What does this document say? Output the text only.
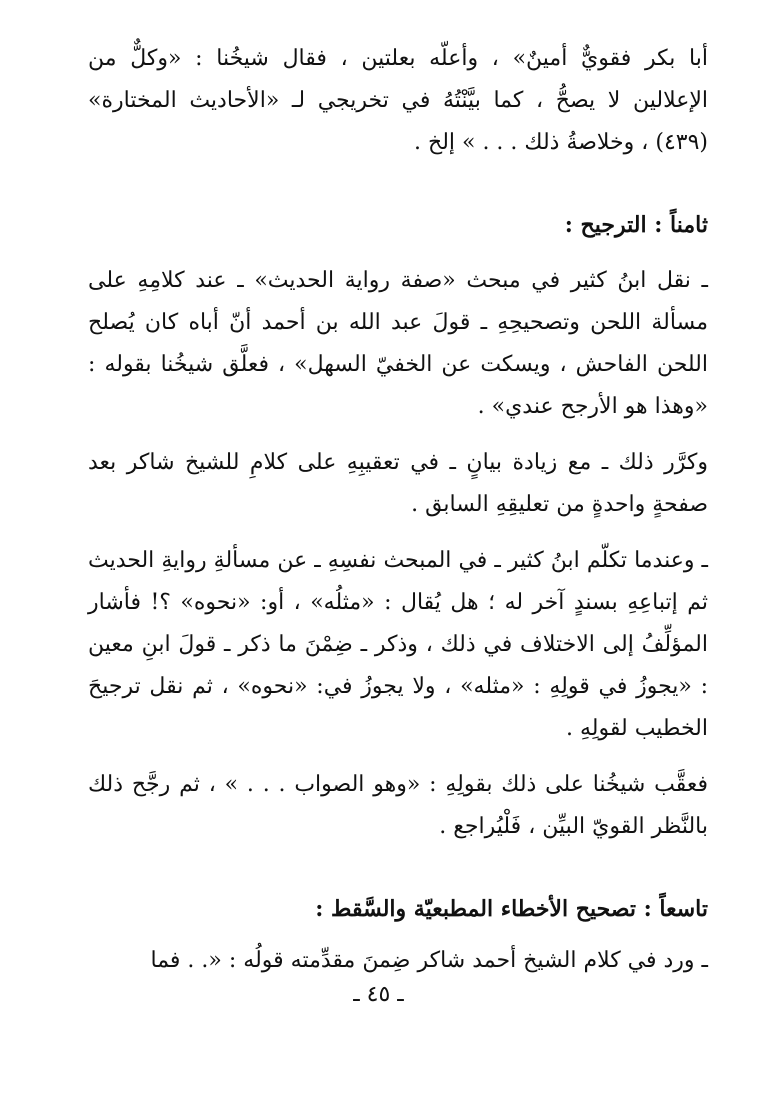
أبا بكر فقويٌّ أمينٌ» ، وأعلّه بعلتين ، فقال شيخُنا : «وكلٌّ من الإعلالين لا يصحُّ ، كما بيَّنْتُهُ في تخريجي لـ «الأحاديث المختارة» (٤٣٩) ، وخلاصةُ ذلك . . . » إلخ .

ثامناً : الترجيح :

ـ نقل ابنُ كثير في مبحث «صفة رواية الحديث» ـ عند كلامِهِ على مسألة اللحن وتصحيحِهِ ـ قولَ عبد الله بن أحمد أنّ أباه كان يُصلح اللحن الفاحش ، ويسكت عن الخفيّ السهل» ، فعلَّق شيخُنا بقوله : «وهذا هو الأرجح عندي» .

وكرَّر ذلك ـ مع زيادة بيانٍ ـ في تعقيبِهِ على كلامِ للشيخ شاكر بعد صفحةٍ واحدةٍ من تعليقِهِ السابق .

ـ وعندما تكلّم ابنُ كثير ـ في المبحث نفسِهِ ـ عن مسألةِ روايةِ الحديث ثم إتباعِهِ بسندٍ آخر له ؛ هل يُقال : «مثلُه» ، أو: «نحوه» ؟! فأشار المؤلِّفُ إلى الاختلاف في ذلك ، وذكر ـ ضِمْنَ ما ذكر ـ قولَ ابنِ معين : «يجوزُ في قولِهِ : «مثله» ، ولا يجوزُ في: «نحوه» ، ثم نقل ترجيحَ الخطيب لقولِهِ .

فعقَّب شيخُنا على ذلك بقولِهِ : «وهو الصواب . . . » ، ثم رجَّح ذلك بالنَّظر القويّ البيِّن ، فَلْيُراجع .

تاسعاً : تصحيح الأخطاء المطبعيّة والسَّقط :

ـ ورد في كلام الشيخ أحمد شاكر ضِمنَ مقدِّمته قولُه : «. . فما

ـ ٤٥ ـ
